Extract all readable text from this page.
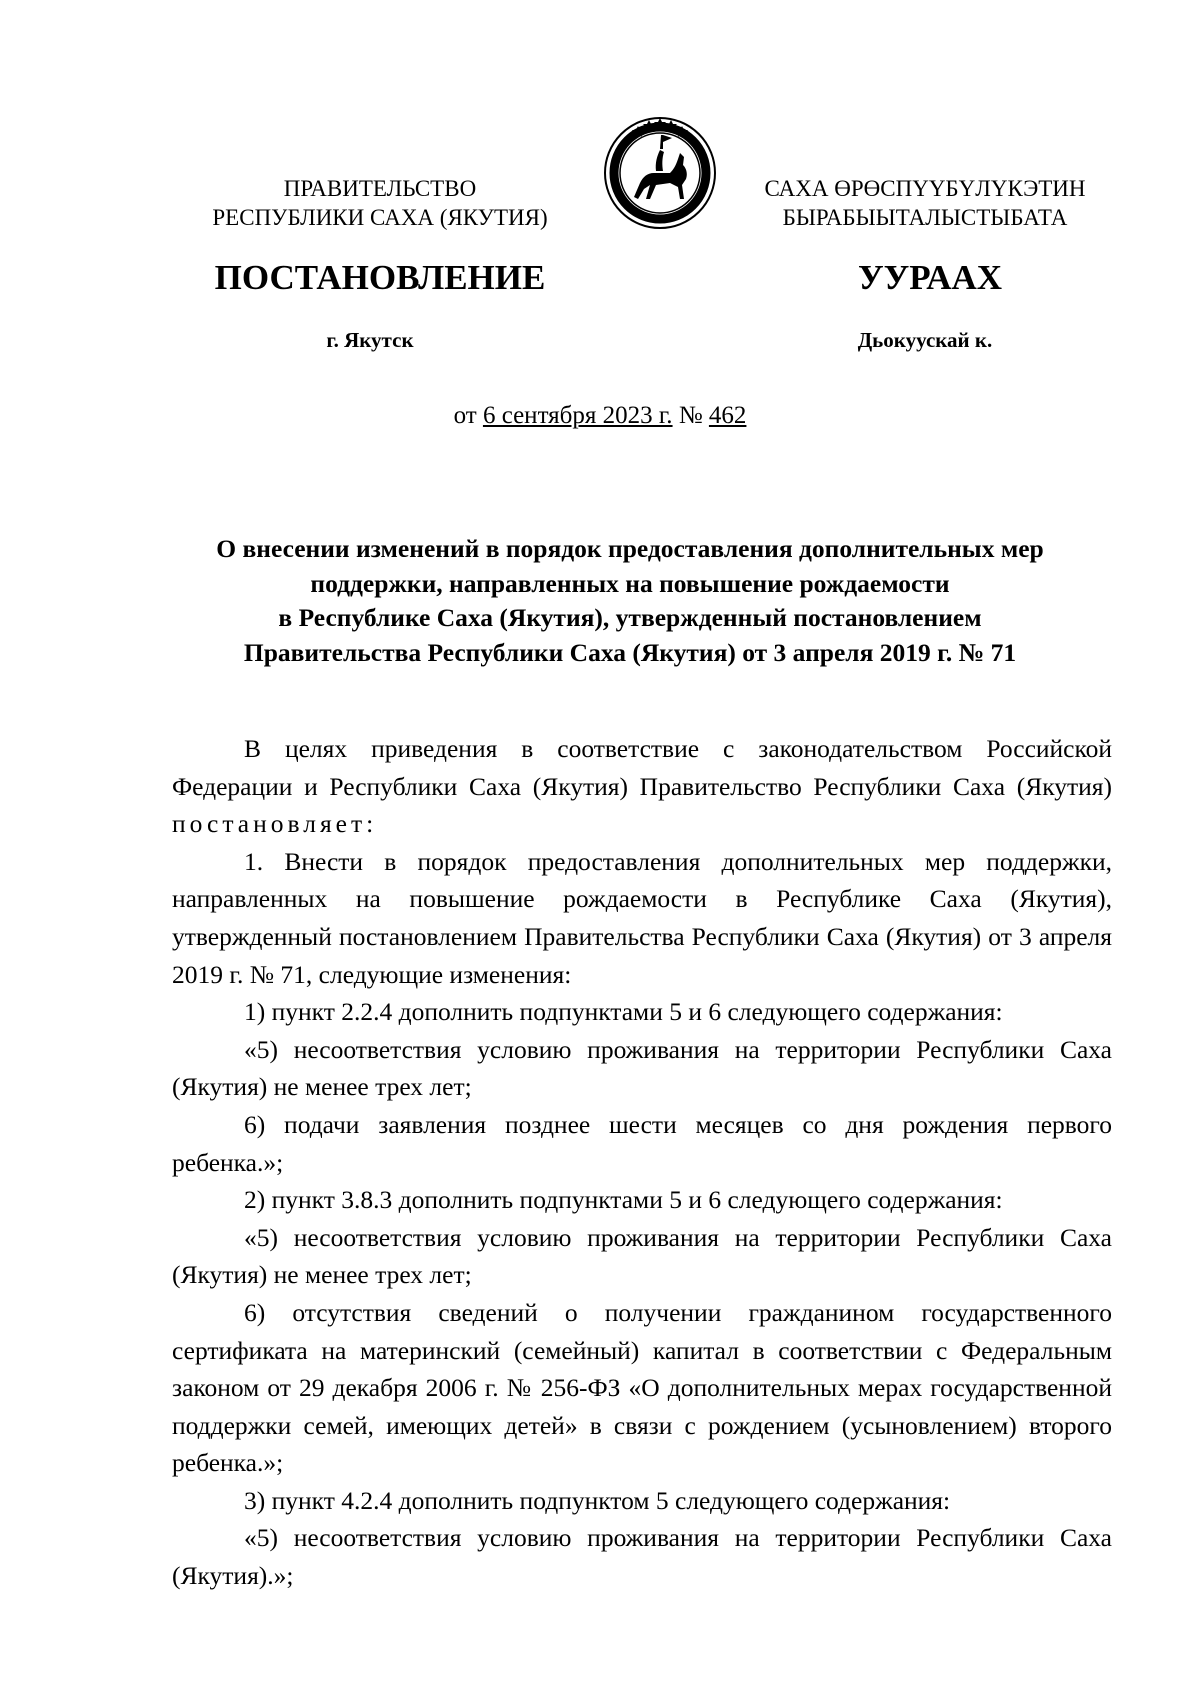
ПРАВИТЕЛЬСТВО
РЕСПУБЛИКИ САХА (ЯКУТИЯ)
САХА ӨРӨСПҮҮБҮЛҮКЭТИН
БЫРАБЫЫТАЛЫСТЫБАТА
ПОСТАНОВЛЕНИЕ	УУРААХ
г. Якутск	Дьокуускай к.
от 6 сентября 2023 г. № 462
О внесении изменений в порядок предоставления дополнительных мер
поддержки, направленных на повышение рождаемости
в Республике Саха (Якутия), утвержденный постановлением
Правительства Республики Саха (Якутия) от 3 апреля 2019 г. № 71

В целях приведения в соответствие с законодательством Российской Федерации и Республики Саха (Якутия) Правительство Республики Саха (Якутия) постановляет:

1. Внести в порядок предоставления дополнительных мер поддержки, направленных на повышение рождаемости в Республике Саха (Якутия), утвержденный постановлением Правительства Республики Саха (Якутия) от 3 апреля 2019 г. № 71, следующие изменения:

1) пункт 2.2.4 дополнить подпунктами 5 и 6 следующего содержания:

«5) несоответствия условию проживания на территории Республики Саха (Якутия) не менее трех лет;

6) подачи заявления позднее шести месяцев со дня рождения первого ребенка.»;

2) пункт 3.8.3 дополнить подпунктами 5 и 6 следующего содержания:

«5) несоответствия условию проживания на территории Республики Саха (Якутия) не менее трех лет;

6) отсутствия сведений о получении гражданином государственного сертификата на материнский (семейный) капитал в соответствии с Федеральным законом от 29 декабря 2006 г. № 256-ФЗ «О дополнительных мерах государственной поддержки семей, имеющих детей» в связи с рождением (усыновлением) второго ребенка.»;

3) пункт 4.2.4 дополнить подпунктом 5 следующего содержания:

«5) несоответствия условию проживания на территории Республики Саха (Якутия).»;
